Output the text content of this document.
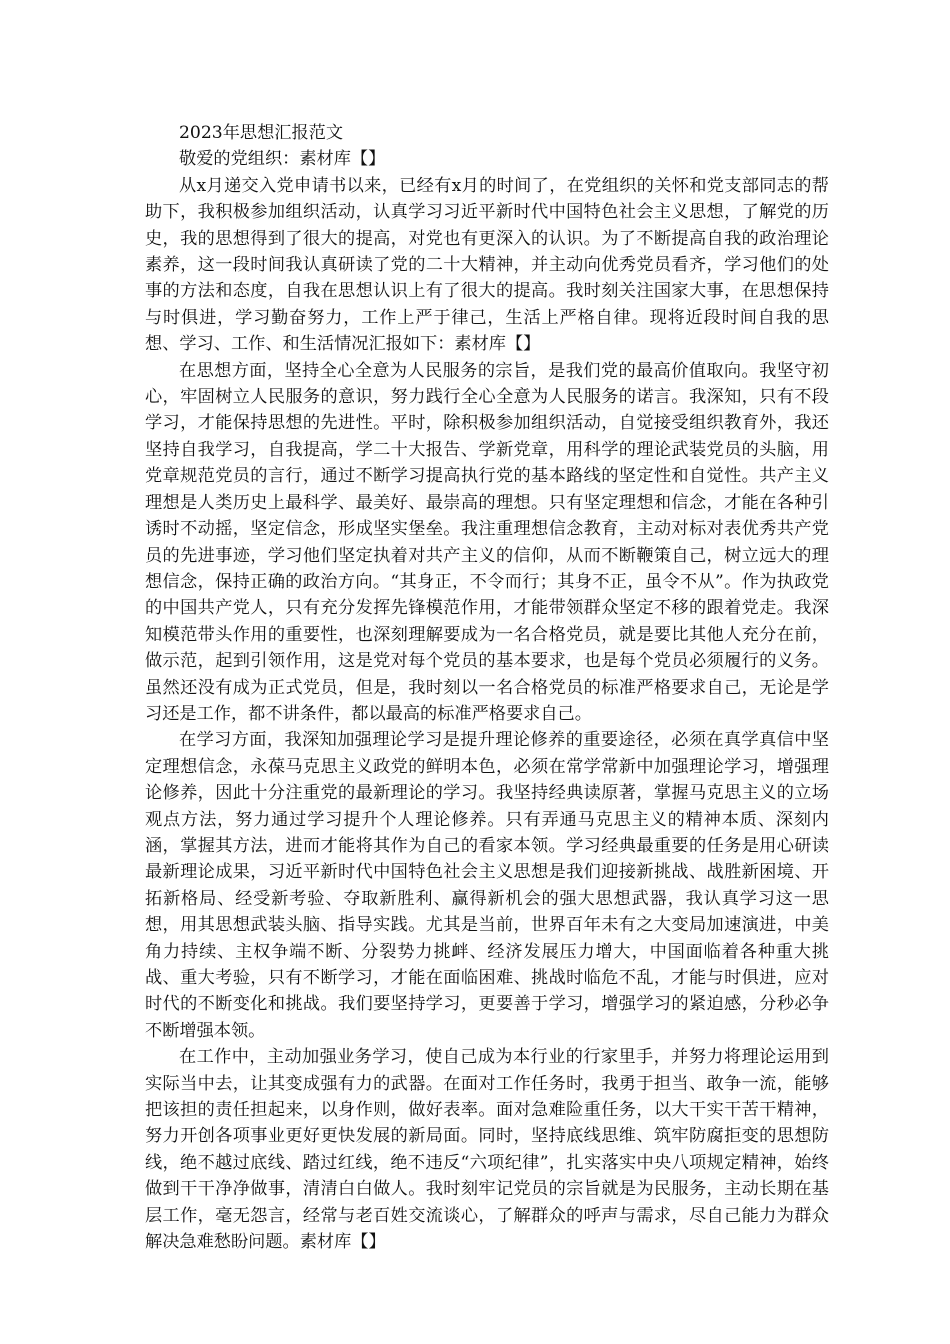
2023年思想汇报范文

敬爱的党组织：素材库【】

从x月递交入党申请书以来，已经有x月的时间了，在党组织的关怀和党支部同志的帮助下，我积极参加组织活动，认真学习习近平新时代中国特色社会主义思想，了解党的历史，我的思想得到了很大的提高，对党也有更深入的认识。为了不断提高自我的政治理论素养，这一段时间我认真研读了党的二十大精神，并主动向优秀党员看齐，学习他们的处事的方法和态度，自我在思想认识上有了很大的提高。我时刻关注国家大事，在思想保持与时俱进，学习勤奋努力，工作上严于律己，生活上严格自律。现将近段时间自我的思想、学习、工作、和生活情况汇报如下：素材库【】

在思想方面，坚持全心全意为人民服务的宗旨，是我们党的最高价值取向。我坚守初心，牢固树立人民服务的意识，努力践行全心全意为人民服务的诺言。我深知，只有不段学习，才能保持思想的先进性。平时，除积极参加组织活动，自觉接受组织教育外，我还坚持自我学习，自我提高，学二十大报告、学新党章，用科学的理论武装党员的头脑，用党章规范党员的言行，通过不断学习提高执行党的基本路线的坚定性和自觉性。共产主义理想是人类历史上最科学、最美好、最崇高的理想。只有坚定理想和信念，才能在各种引诱时不动摇，坚定信念，形成坚实堡垒。我注重理想信念教育，主动对标对表优秀共产党员的先进事迹，学习他们坚定执着对共产主义的信仰，从而不断鞭策自己，树立远大的理想信念，保持正确的政治方向。“其身正，不令而行；其身不正，虽令不从”。作为执政党的中国共产党人，只有充分发挥先锋模范作用，才能带领群众坚定不移的跟着党走。我深知模范带头作用的重要性，也深刻理解要成为一名合格党员，就是要比其他人充分在前，做示范，起到引领作用，这是党对每个党员的基本要求，也是每个党员必须履行的义务。虽然还没有成为正式党员，但是，我时刻以一名合格党员的标准严格要求自己，无论是学习还是工作，都不讲条件，都以最高的标准严格要求自己。

在学习方面，我深知加强理论学习是提升理论修养的重要途径，必须在真学真信中坚定理想信念，永葆马克思主义政党的鲜明本色，必须在常学常新中加强理论学习，增强理论修养，因此十分注重党的最新理论的学习。我坚持经典读原著，掌握马克思主义的立场观点方法，努力通过学习提升个人理论修养。只有弄通马克思主义的精神本质、深刻内涵，掌握其方法，进而才能将其作为自己的看家本领。学习经典最重要的任务是用心研读最新理论成果，习近平新时代中国特色社会主义思想是我们迎接新挑战、战胜新困境、开拓新格局、经受新考验、夺取新胜利、赢得新机会的强大思想武器，我认真学习这一思想，用其思想武装头脑、指导实践。尤其是当前，世界百年未有之大变局加速演进，中美角力持续、主权争端不断、分裂势力挑衅、经济发展压力增大，中国面临着各种重大挑战、重大考验，只有不断学习，才能在面临困难、挑战时临危不乱，才能与时俱进，应对时代的不断变化和挑战。我们要坚持学习，更要善于学习，增强学习的紧迫感，分秒必争不断增强本领。

在工作中，主动加强业务学习，使自己成为本行业的行家里手，并努力将理论运用到实际当中去，让其变成强有力的武器。在面对工作任务时，我勇于担当、敢争一流，能够把该担的责任担起来，以身作则，做好表率。面对急难险重任务，以大干实干苦干精神，努力开创各项事业更好更快发展的新局面。同时，坚持底线思维、筑牢防腐拒变的思想防线，绝不越过底线、踏过红线，绝不违反“六项纪律”，扎实落实中央八项规定精神，始终做到干干净净做事，清清白白做人。我时刻牢记党员的宗旨就是为民服务，主动长期在基层工作，毫无怨言，经常与老百姓交流谈心，了解群众的呼声与需求，尽自己能力为群众解决急难愁盼问题。素材库【】
